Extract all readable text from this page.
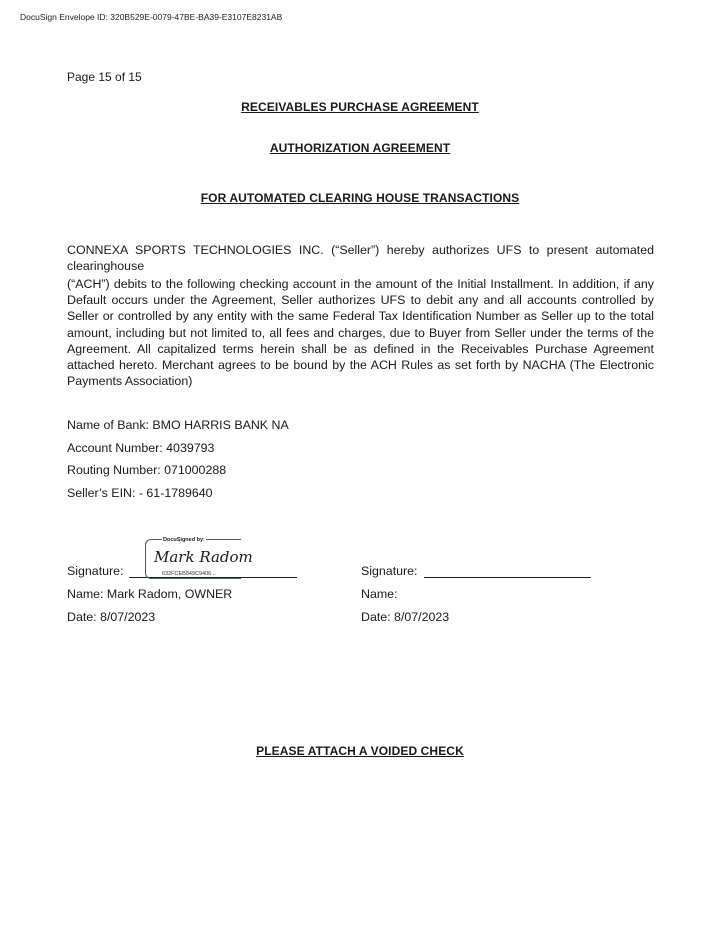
DocuSign Envelope ID: 320B529E-0079-47BE-BA39-E3107E8231AB
Page 15 of 15
RECEIVABLES PURCHASE AGREEMENT
AUTHORIZATION AGREEMENT
FOR AUTOMATED CLEARING HOUSE TRANSACTIONS
CONNEXA SPORTS TECHNOLOGIES INC. (“Seller”) hereby authorizes UFS to present automated clearinghouse
(“ACH”) debits to the following checking account in the amount of the Initial Installment. In addition, if any Default occurs under the Agreement, Seller authorizes UFS to debit any and all accounts controlled by Seller or controlled by any entity with the same Federal Tax Identification Number as Seller up to the total amount, including but not limited to, all fees and charges, due to Buyer from Seller under the terms of the Agreement. All capitalized terms herein shall be as defined in the Receivables Purchase Agreement attached hereto. Merchant agrees to be bound by the ACH Rules as set forth by NACHA (The Electronic Payments Association)
Name of Bank: BMO HARRIS BANK NA
Account Number: 4039793
Routing Number: 071000288
Seller’s EIN: - 61-1789640
Signature:
DocuSigned by:
Mark Radom
632FCEB849C9406...
Name: Mark Radom, OWNER
Date: 8/07/2023
Signature:
Name:
Date: 8/07/2023
PLEASE ATTACH A VOIDED CHECK
